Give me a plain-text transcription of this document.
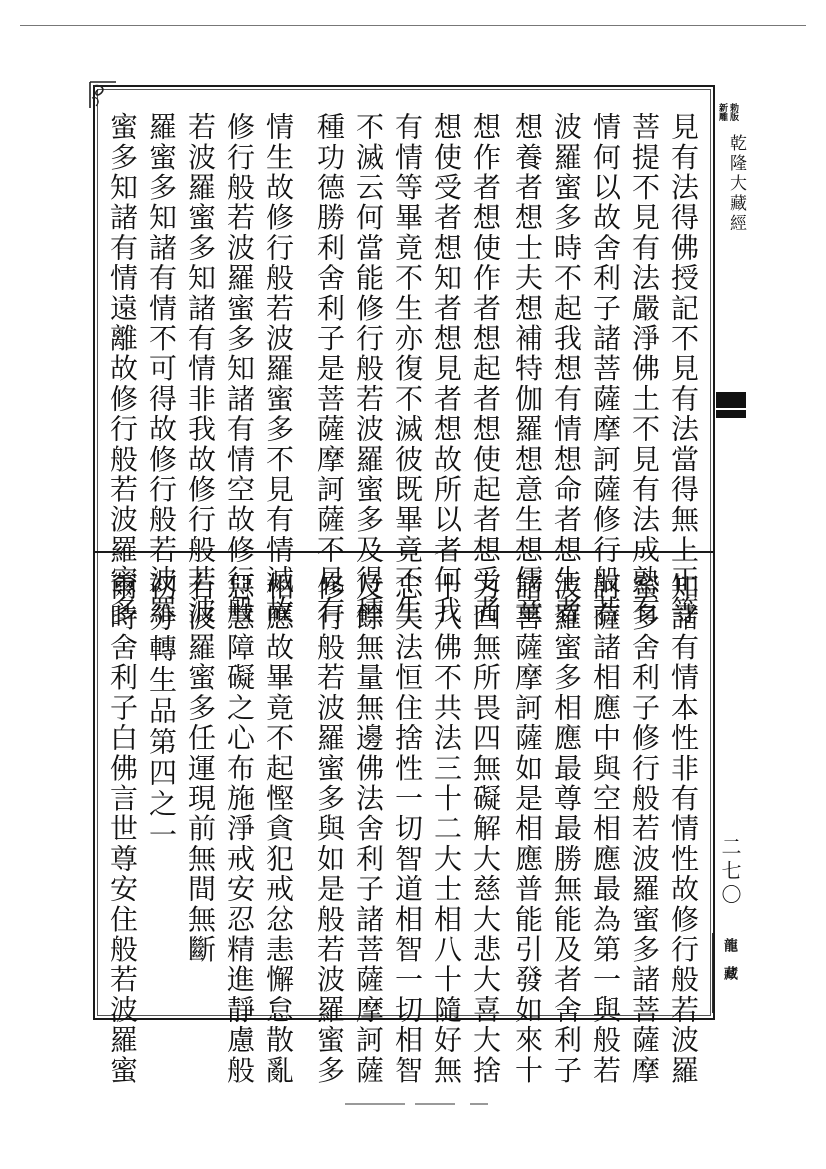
勅版
新雕
乾隆大藏經
二七〇
龍藏
見有法得佛授記不見有法當得無上正等
菩提不見有法嚴淨佛土不見有法成熟有
情何以故舍利子諸菩薩摩訶薩修行般若
波羅蜜多時不起我想有情想命者想生者
想養者想士夫想補特伽羅想意生想儒童
想作者想使作者想起者想使起者想受者
想使受者想知者想見者想故所以者何我
有情等畢竟不生亦復不滅彼既畢竟不生
不滅云何當能修行般若波羅蜜多及得種
種功德勝利舍利子是菩薩摩訶薩不見有
情生故修行般若波羅蜜多不見有情滅故
修行般若波羅蜜多知諸有情空故修行般
若波羅蜜多知諸有情非我故修行般若波
羅蜜多知諸有情不可得故修行般若波羅
蜜多知諸有情遠離故修行般若波羅蜜多
知諸有情本性非有情性故修行般若波羅
蜜多舍利子修行般若波羅蜜多諸菩薩摩
訶薩諸相應中與空相應最為第一與般若
波羅蜜多相應最尊最勝無能及者舍利子
諸菩薩摩訶薩如是相應普能引發如來十
力四無所畏四無礙解大慈大悲大喜大捨
十八佛不共法三十二大士相八十隨好無
忘失法恒住捨性一切智道相智一切相智
及餘無量無邊佛法舍利子諸菩薩摩訶薩
修行般若波羅蜜多與如是般若波羅蜜多
相應故畢竟不起慳貪犯戒忿恚懈怠散亂
惡慧障礙之心布施淨戒安忍精進靜慮般
若波羅蜜多任運現前無間無斷
初分轉生品第四之一
爾時舍利子白佛言世尊安住般若波羅蜜
